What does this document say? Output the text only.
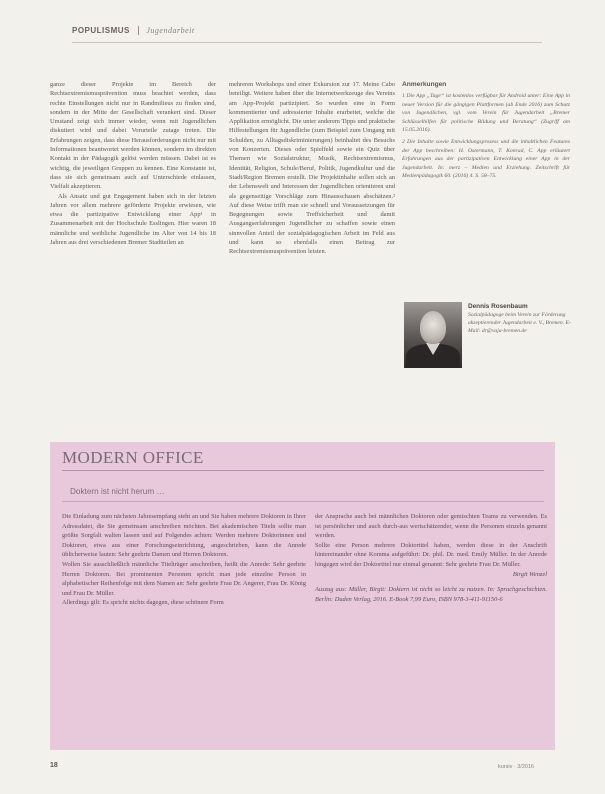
POPULISMUS Jugendarbeit

ganze dieser Projekte im Bereich der Rechtsextremismusprävention muss beachtet werden, dass rechte Einstellungen nicht nur in Randmilieus zu finden sind, sondern in der Mitte der Gesellschaft verankert sind. Dieser Umstand zeigt sich immer wieder, wenn mit Jugendlichen diskutiert wird und dabei Vorurteile zutage treten. Die Erfahrungen zeigen, dass diese Herausforderungen nicht nur mit Informationen beantwortet werden können, sondern im direkten Kontakt in der Pädagogik gelöst werden müssen. Dabei ist es wichtig, die jeweiligen Gruppen zu kennen. Eine Konstante ist, dass sie sich gemeinsam auch auf Unterschiede einlassen, Vielfalt akzeptieren.

Als Ansatz und gut Engagement haben sich in der letzten Jahren vor allem mehrere geförderte Projekte erwiesen, wie etwa die partizipative Entwicklung einer App¹ in Zusammenarbeit mit der Hochschule Esslingen. Hier waren 18 männliche und weibliche Jugendliche im Alter von 14 bis 18 Jahren aus drei verschiedenen Bremer Stadtteilen an

mehreren Workshops und einer Exkursion zur 17. Meine Cabo beteiligt. Weitere haben über die Internetwerkzeuge des Vereins am App-Projekt partizipiert. So wurden eine in Form kommentierter und adressierter Inhalte erarbeitet, welche die Applikation ermöglicht. Die unter anderem Tipps und praktische Hilfestellungen für Jugendliche (zum Beispiel zum Umgang mit Schulden, zu Alltagsdiskriminierungen) beinhaltet des Besuchs von Konzerten. Dieses oder Spielfeld sowie ein Quiz über Themen wie Sozialstruktur, Musik, Rechtsextremismus, Identität, Religion, Schule/Beruf, Politik, Jugendkultur und die Stadt/Region Bremen erstellt. Die Projektinhalte sollen sich an der Lebenswelt und Interessen der Jugendlichen orientieren und als gegenseitige Vorschläge zum Hinausschauen abschätzen.² Auf diese Weise trifft man sie schnell und Voraussetzungen für Begegnungen sowie Treffsicherheit und damit Ausgangserfahrungen Jugendlicher zu schaffen sowie einen sinnvollen Anteil der sozialpädagogischen Arbeit im Feld aus und kann so ebenfalls einen Beitrag zur Rechtsextremismusprävention leisten.

Anmerkungen

1 Die App „Tage“ ist kostenlos verfügbar für Android unter: Eine App in neuer Version für die gängigen Plattformen (ab Ende 2016) zum Schutz von Jugendlichen, vgl. vom Verein für Jugendarbeit „Bremer Schlüsselhilfen für politische Bildung und Beratung“ (Zugriff am 15.05.2016).

2 Die Inhalte sowie Entwicklungsprozess und die inhaltlichen Features der App beschreiben: H. Ostermann, T. Konrad, C. App erläutert Erfahrungen aus der partizipativen Entwicklung einer App in der Jugendarbeit. In: merz – Medien und Erziehung. Zeitschrift für Medienpädagogik 60. (2016) 4. S. 58–75.

Dennis Rosenbaum
Sozialpädagoge beim Verein zur Förderung akzeptierender Jugendarbeit e. V., Bremen. E-Mail: dr@vaja-bremen.de
MODERN OFFICE
Doktern ist nicht herum …

Die Einladung zum nächsten Jahresempfang steht an und Sie haben mehrere Doktoren in Ihrer Adressdatei, die Sie gemeinsam anschreiben möchten. Bei akademischen Titeln sollte man größte Sorgfalt walten lassen und auf Folgendes achten: Werden mehrere Doktorinnen und Doktoren, etwa aus einer Forschungseinrichtung, angeschrieben, kann die Anrede üblicherweise lauten: Sehr geehrte Damen und Herren Doktoren.

Wollen Sie ausschließlich männliche Titelträger anschreiben, heißt die Anrede: Sehr geehrte Herren Doktoren. Bei prominenten Personen spricht man jede einzelne Person in alphabetischer Reihenfolge mit dem Namen an: Sehr geehrte Frau Dr. Angerer, Frau Dr. König und Frau Dr. Müller.

Allerdings gilt: Es spricht nichts dagegen, diese schönere Form

der Ansprache auch bei männlichen Doktoren oder gemischten Teams zu verwenden. Es ist persönlicher und auch durch-aus wertschätzender, wenn die Personen einzeln genannt werden.

Sollte eine Person mehrere Doktortitel haben, werden diese in der Anschrift hintereinander ohne Komma aufgeführt: Dr. phil. Dr. med. Emily Müller. In der Anrede hingegen wird der Doktortitel nur einmal genannt: Sehr geehrte Frau Dr. Müller.

Birgit Wenzel

Auszug aus: Müller, Birgit: Doktern ist nicht so leicht zu nutzen. In: Sprachgeschichten. Berlin: Duden Verlag, 2016. E-Book 7,99 Euro, ISBN 978-3-411-91150-6

18	kursiv · 3/2016
